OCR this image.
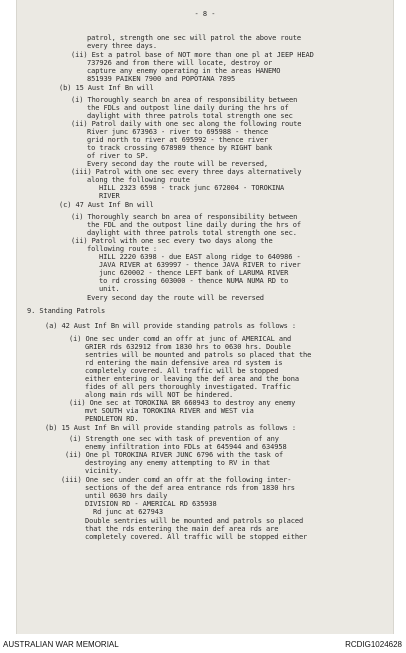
- 8 -
patrol, strength one sec will patrol the above route
every three days.
(ii) Est a patrol base of NOT more than one pl at JEEP HEAD
737926 and from there will locate, destroy or
capture any enemy operating in the areas HANEMO
851939 PAIKEN 7900 and POPOTANA 7895
(b) 15 Aust Inf Bn will
(i) Thoroughly search bn area of responsibility between
the FDLs and outpost line daily during the hrs of
daylight with three patrols total strength one sec
(ii) Patrol daily with one sec along the following route
River junc 673963 - river to 695988 - thence
grid north to river at 695992 - thence river
to track crossing 678989 thence by RIGHT bank
of river to SP.
Every second day the route will be reversed,
(iii) Patrol with one sec every three days alternatively
along the following route
HILL 2323 6598 - track junc 672004 - TOROKINA
RIVER
(c) 47 Aust Inf Bn will
(i) Thoroughly search bn area of responsibility between
the FDL and the outpost line daily during the hrs of
daylight with three patrols total strength one sec.
(ii) Patrol with one sec every two days along the
following route :
HILL 2220 6398 - due EAST along ridge to 640986 -
JAVA RIVER at 639997 - thence JAVA RIVER to river
junc 620002 - thence LEFT bank of LARUMA RIVER
to rd crossing 603000 - thence NUMA NUMA RD to
unit.
Every second day the route will be reversed
9. Standing Patrols
(a) 42 Aust Inf Bn will provide standing patrols as follows :
(i) One sec under comd an offr at junc of AMERICAL and
GRIER rds 632912 from 1830 hrs to 0630 hrs. Double
sentries will be mounted and patrols so placed that the
rd entering the main defensive area rd system is
completely covered. All traffic will be stopped
either entering or leaving the def area and the bona
fides of all pers thoroughly investigated. Traffic
along main rds will NOT be hindered.
(ii) One sec at TOROKINA BR 660943 to destroy any enemy
mvt SOUTH via TOROKINA RIVER and WEST via
PENDLETON RD.
(b) 15 Aust Inf Bn will provide standing patrols as follows :
(i) Strength one sec with task of prevention of any
enemy infiltration into FDLs at 645944 and 634958
(ii) One pl TOROKINA RIVER JUNC 6796 with the task of
destroying any enemy attempting to RV in that
vicinity.
(iii) One sec under comd an offr at the following inter-
sections of the def area entrance rds from 1830 hrs
until 0630 hrs daily
DIVISION RD - AMERICAL RD 635938
Rd junc at 627943
Double sentries will be mounted and patrols so placed
that the rds entering the main def area rds are
completely covered. All traffic will be stopped either
AUSTRALIAN WAR MEMORIAL	RCDIG1024628
